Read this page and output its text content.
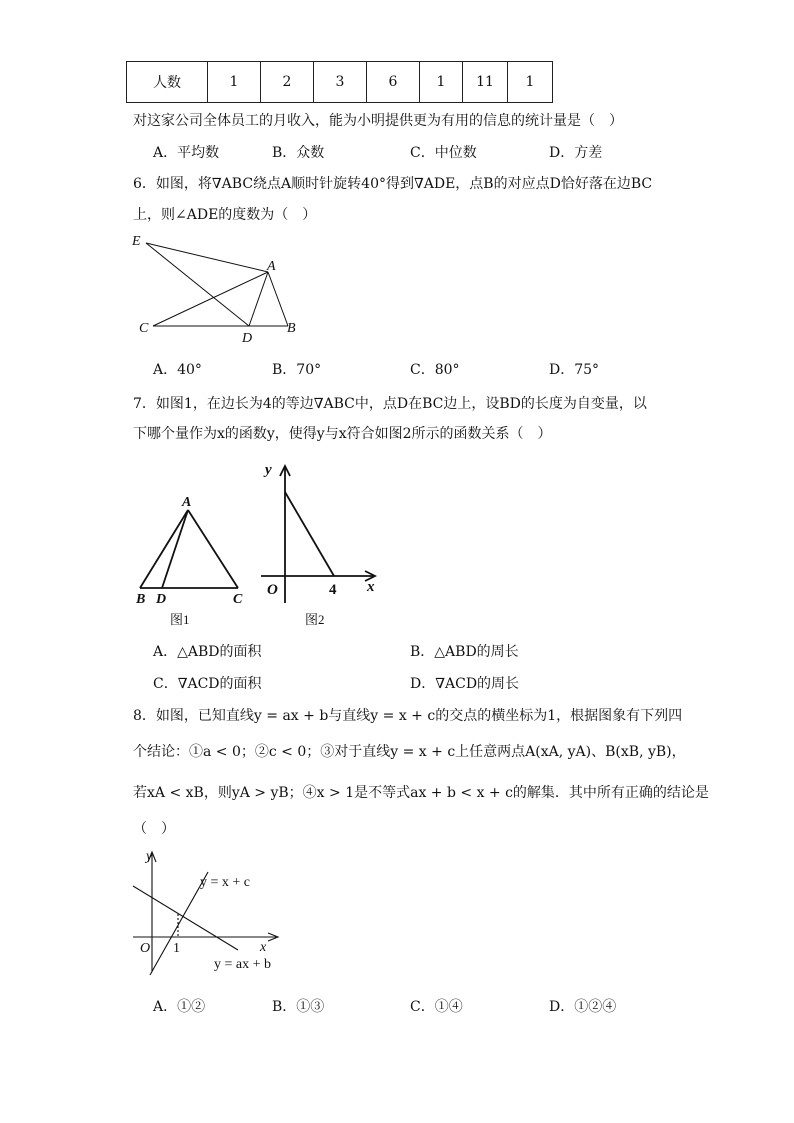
人数	1	2	3	6	1	11	1
对这家公司全体员工的月收入，能为小明提供更为有用的信息的统计量是（　）
A．平均数	B．众数	C．中位数	D．方差
6．如图，将∇ABC绕点A顺时针旋转40°得到∇ADE，点B的对应点D恰好落在边BC
上，则∠ADE的度数为（　）
E
A
C
D
B
A．40°	B．70°	C．80°	D．75°
7．如图1，在边长为4的等边∇ABC中，点D在BC边上，设BD的长度为自变量，以
下哪个量作为x的函数y，使得y与x符合如图2所示的函数关系（　）
A
B D	C
图1
y
O	x
4
图2
A．△ABD的面积	B．△ABD的周长
C．∇ACD的面积	D．∇ACD的周长
8．如图，已知直线y = ax + b与直线y = x + c的交点的横坐标为1，根据图象有下列四
个结论：①a < 0；②c < 0；③对于直线y = x + c上任意两点A(xA, yA)、B(xB, yB)，
若xA < xB，则yA > yB；④x > 1是不等式ax + b < x + c的解集．其中所有正确的结论是
（　）
y
y = x + c
O 1	x
y = ax + b
A．①②	B．①③	C．①④	D．①②④
